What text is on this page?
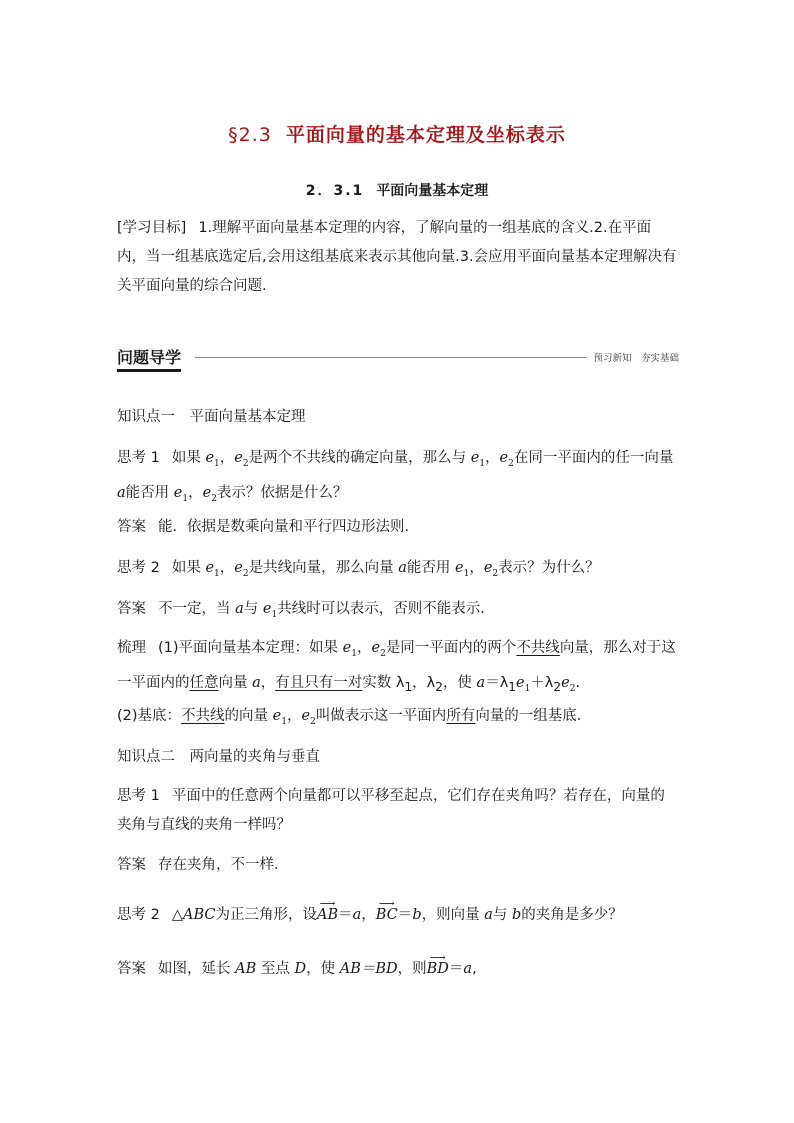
§2.3 平面向量的基本定理及坐标表示
2．3.1 平面向量基本定理
[学习目标] 1.理解平面向量基本定理的内容，了解向量的一组基底的含义.2.在平面内，当一组基底选定后,会用这组基底来表示其他向量.3.会应用平面向量基本定理解决有关平面向量的综合问题.
问题导学	预习新知　夯实基础
知识点一　平面向量基本定理
思考 1 如果 $e_1$，$e_2$是两个不共线的确定向量，那么与 $e_1$，$e_2$在同一平面内的任一向量 a能否用 $e_1$，$e_2$表示？依据是什么？
答案 能．依据是数乘向量和平行四边形法则．
思考 2 如果 $e_1$，$e_2$是共线向量，那么向量 a能否用 $e_1$，$e_2$表示？为什么？
答案 不一定，当 a与 $e_1$共线时可以表示，否则不能表示．
梳理 (1)平面向量基本定理：如果 $e_1$，$e_2$是同一平面内的两个不共线向量，那么对于这一平面内的任意向量 a，有且只有一对实数 $\lambda_1$，$\lambda_2$，使 $a=\lambda_1e_1+\lambda_2e_2$.
(2)基底：不共线的向量 $e_1$，$e_2$叫做表示这一平面内所有向量的一组基底．
知识点二　两向量的夹角与垂直
思考 1 平面中的任意两个向量都可以平移至起点，它们存在夹角吗？若存在，向量的夹角与直线的夹角一样吗？
答案 存在夹角，不一样．
思考 2 △ABC为正三角形，设⟶ AB＝a，⟶ BC＝b，则向量 a与 b的夹角是多少？
答案 如图，延长 AB 至点 D，使 AB＝BD，则⟶ BD＝a,
